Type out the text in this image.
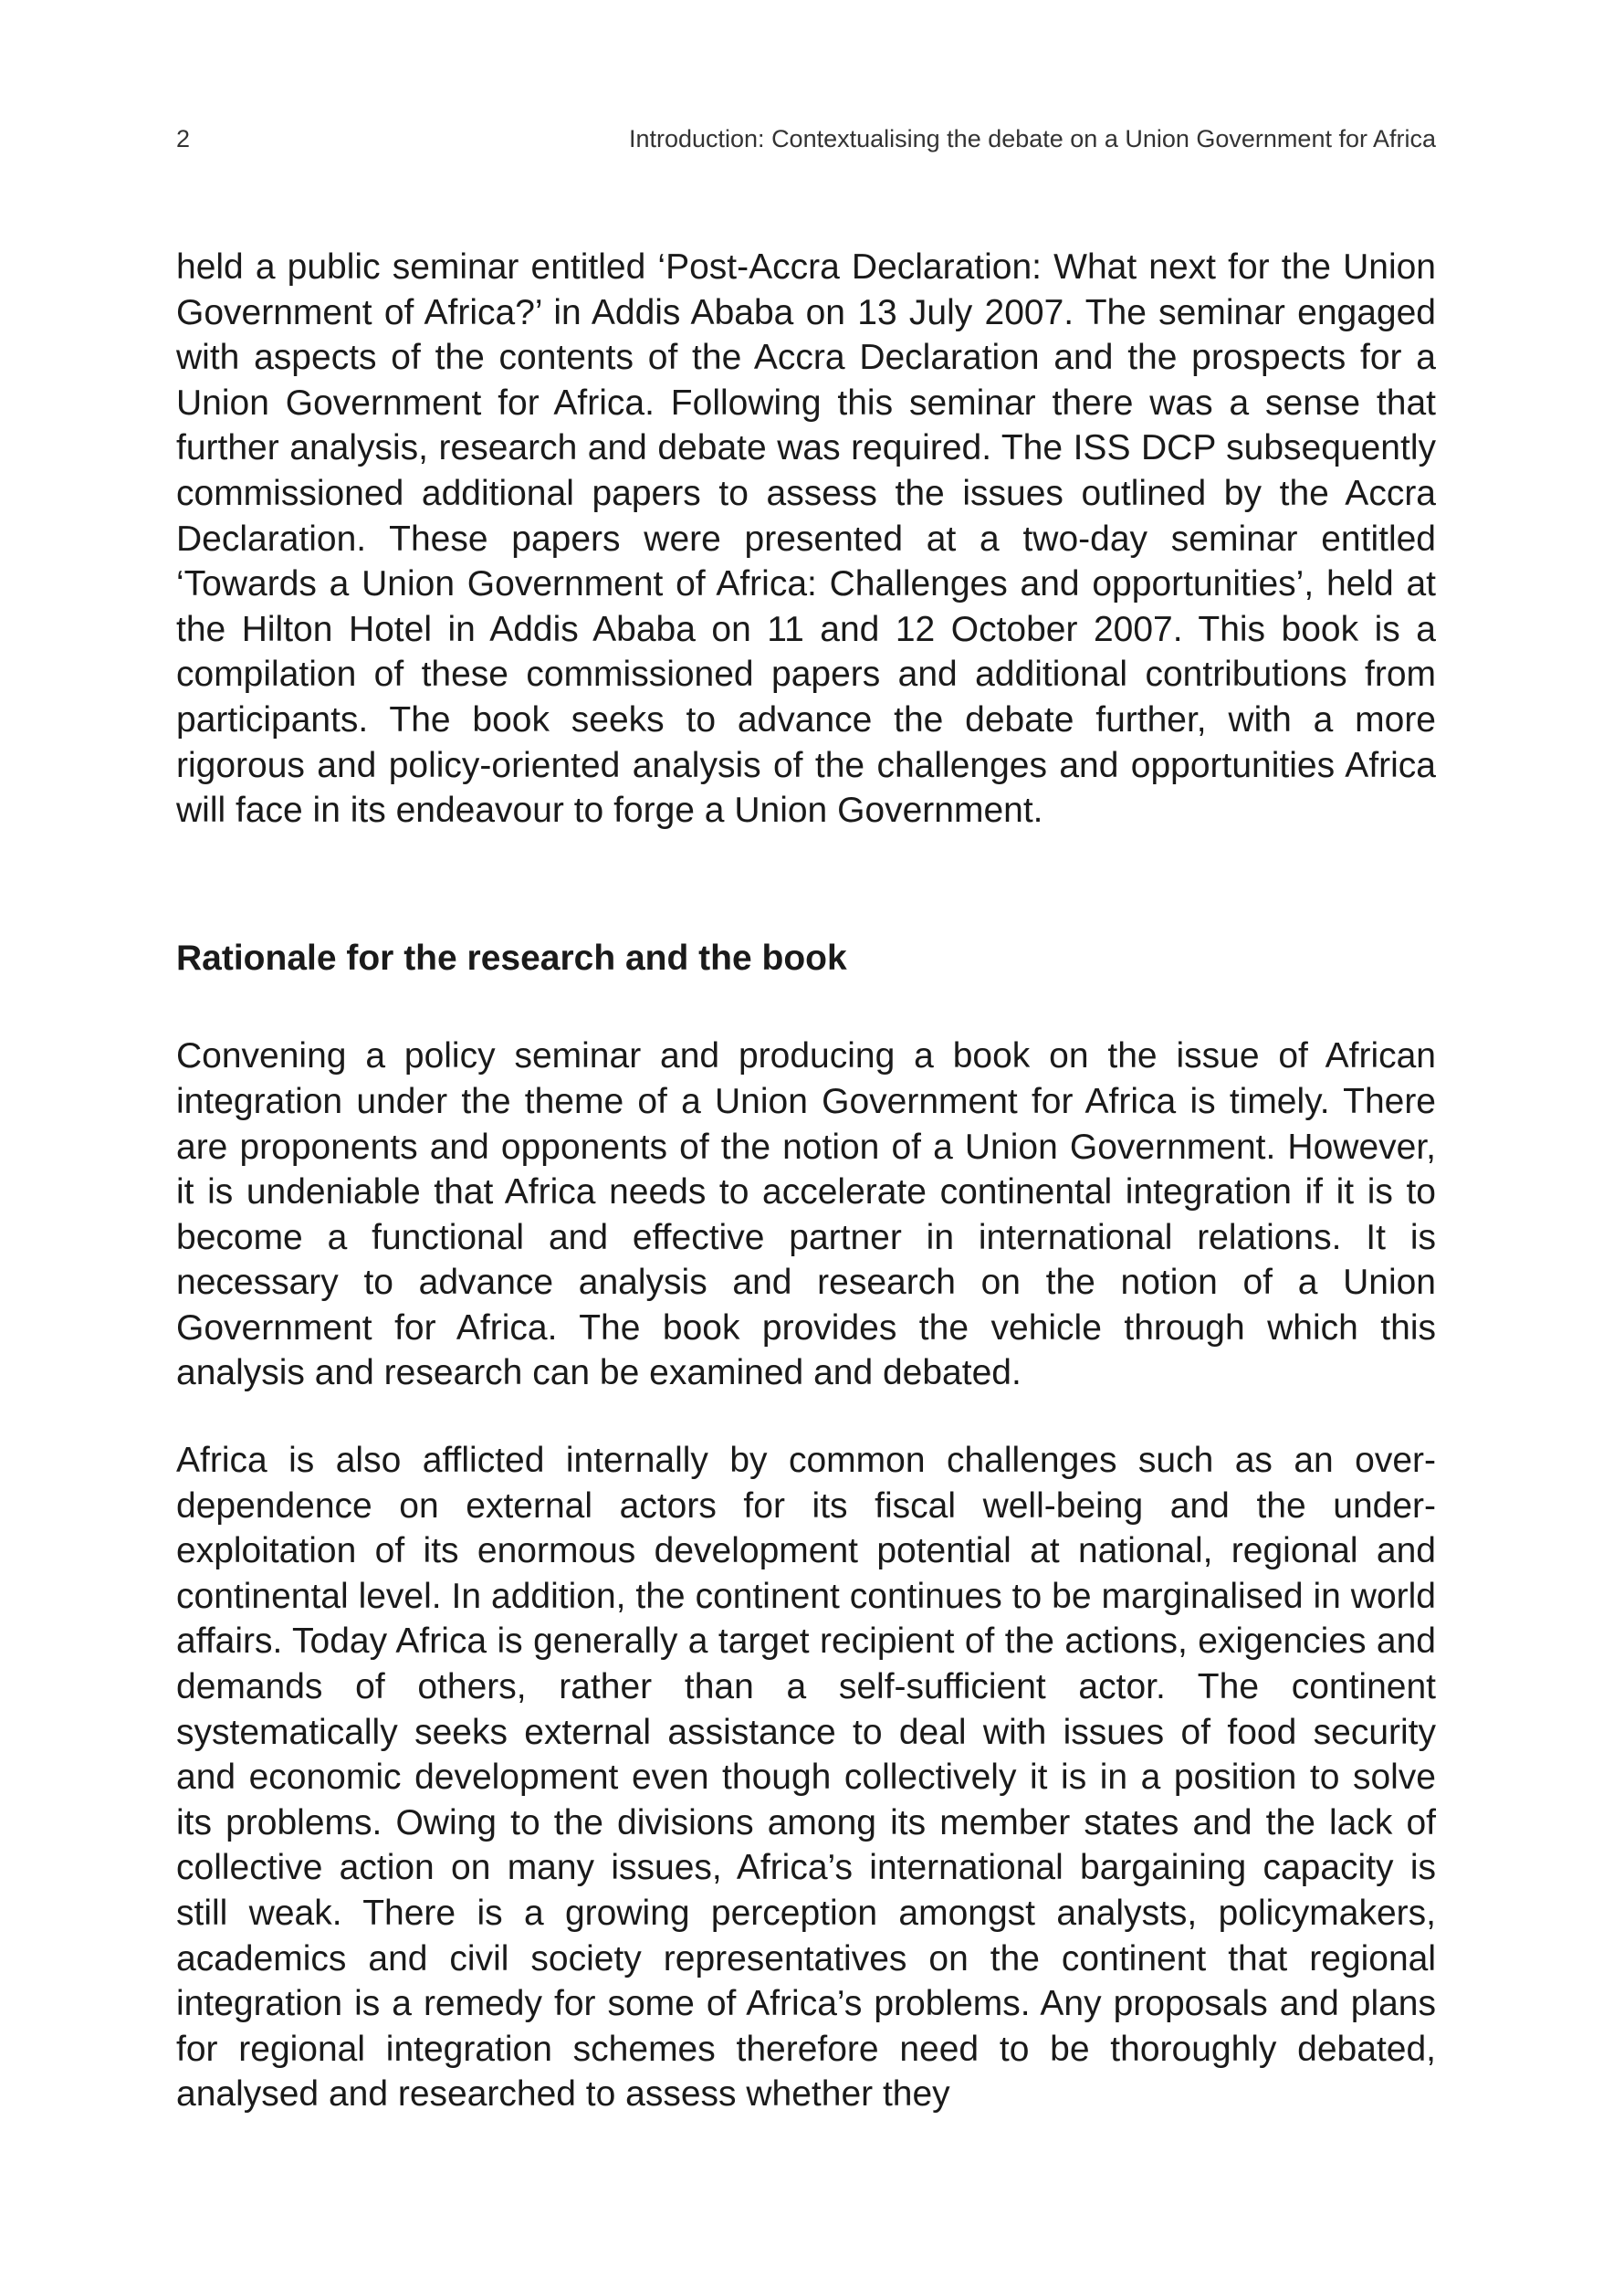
2	Introduction: Contextualising the debate on a Union Government for Africa

held a public seminar entitled ‘Post-Accra Declaration: What next for the Union Government of Africa?’ in Addis Ababa on 13 July 2007. The seminar engaged with aspects of the contents of the Accra Declaration and the prospects for a Union Government for Africa. Following this seminar there was a sense that further analysis, research and debate was required. The ISS DCP subsequently commissioned additional papers to assess the issues outlined by the Accra Declaration. These papers were presented at a two-day seminar entitled ‘Towards a Union Government of Africa: Challenges and opportunities’, held at the Hilton Hotel in Addis Ababa on 11 and 12 October 2007. This book is a compilation of these commissioned papers and additional contributions from participants. The book seeks to advance the debate further, with a more rigorous and policy-oriented analysis of the challenges and opportunities Africa will face in its endeavour to forge a Union Government.

Rationale for the research and the book

Convening a policy seminar and producing a book on the issue of African integration under the theme of a Union Government for Africa is timely. There are proponents and opponents of the notion of a Union Government. However, it is undeniable that Africa needs to accelerate continental integration if it is to become a functional and effective partner in international relations. It is necessary to advance analysis and research on the notion of a Union Government for Africa. The book provides the vehicle through which this analysis and research can be examined and debated.

Africa is also afflicted internally by common challenges such as an over-dependence on external actors for its fiscal well-being and the under-exploitation of its enormous development potential at national, regional and continental level. In addition, the continent continues to be marginalised in world affairs. Today Africa is generally a target recipient of the actions, exigencies and demands of others, rather than a self-sufficient actor. The continent systematically seeks external assistance to deal with issues of food security and economic development even though collectively it is in a position to solve its problems. Owing to the divisions among its member states and the lack of collective action on many issues, Africa’s international bargaining capacity is still weak. There is a growing perception amongst analysts, policymakers, academics and civil society representatives on the continent that regional integration is a remedy for some of Africa’s problems. Any proposals and plans for regional integration schemes therefore need to be thoroughly debated, analysed and researched to assess whether they
